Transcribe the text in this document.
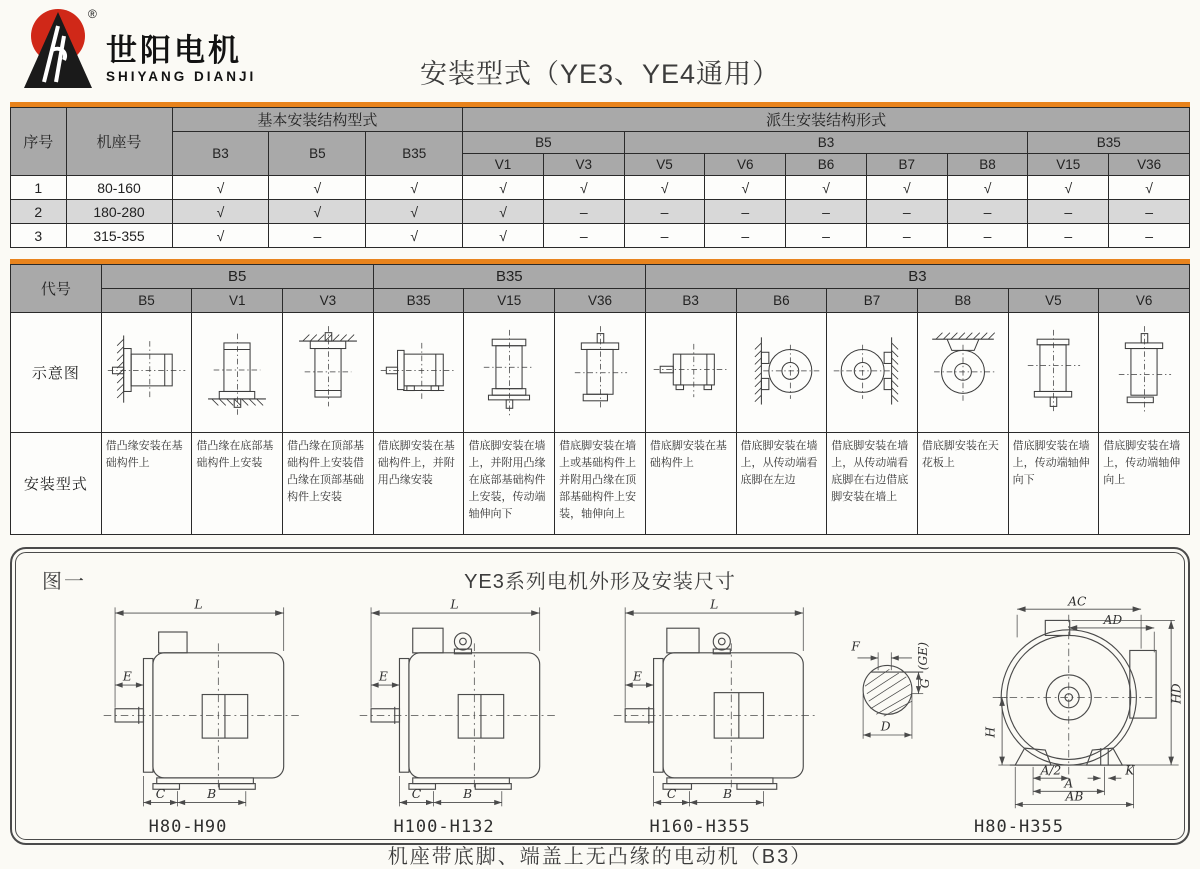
®
世阳电机
SHIYANG DIANJI	安装型式（YE3、YE4通用）
序号	机座号	基本安装结构型式			派生安装结构形式								
		B3	B5	B35	B5		B3					B35	
					V1	V3	V5	V6	B6	B7	B8	V15	V36
1	80-160	√	√	√	√	√	√	√	√	√	√	√	√
2	180-280	√	√	√	√	–	–	–	–	–	–	–	–
3	315-355	√	–	√	√	–	–	–	–	–	–	–	–
代号	B5			B35			B3					
	B5	V1	V3	B35	V15	V36	B3	B6	B7	B8	V5	V6
示意图												
安装型式	借凸缘安装在基础构件上	借凸缘在底部基础构件上安装	借凸缘在顶部基础构件上安装借凸缘在顶部基础构件上安装	借底脚安装在基础构件上，并附用凸缘安装	借底脚安装在墙上，并附用凸缘在底部基础构件上安装，传动端轴伸向下	借底脚安装在墙上或基础构件上并附用凸缘在顶部基础构件上安装，轴伸向上	借底脚安装在基础构件上	借底脚安装在墙上，从传动端看底脚在左边	借底脚安装在墙上，从传动端看底脚在右边借底脚安装在墙上	借底脚安装在天花板上	借底脚安装在墙上，传动端轴伸向下	借底脚安装在墙上，传动端轴伸向上
图一	YE3系列电机外形及安装尺寸
L
E
C	B
H80-H90
L
E
C	B
H100-H132
L
E
C	B
H160-H355
F	(GE)
G
D
AC
AD
HD
H
A/2	K
A
AB
H80-H355
机座带底脚、端盖上无凸缘的电动机（B3）
